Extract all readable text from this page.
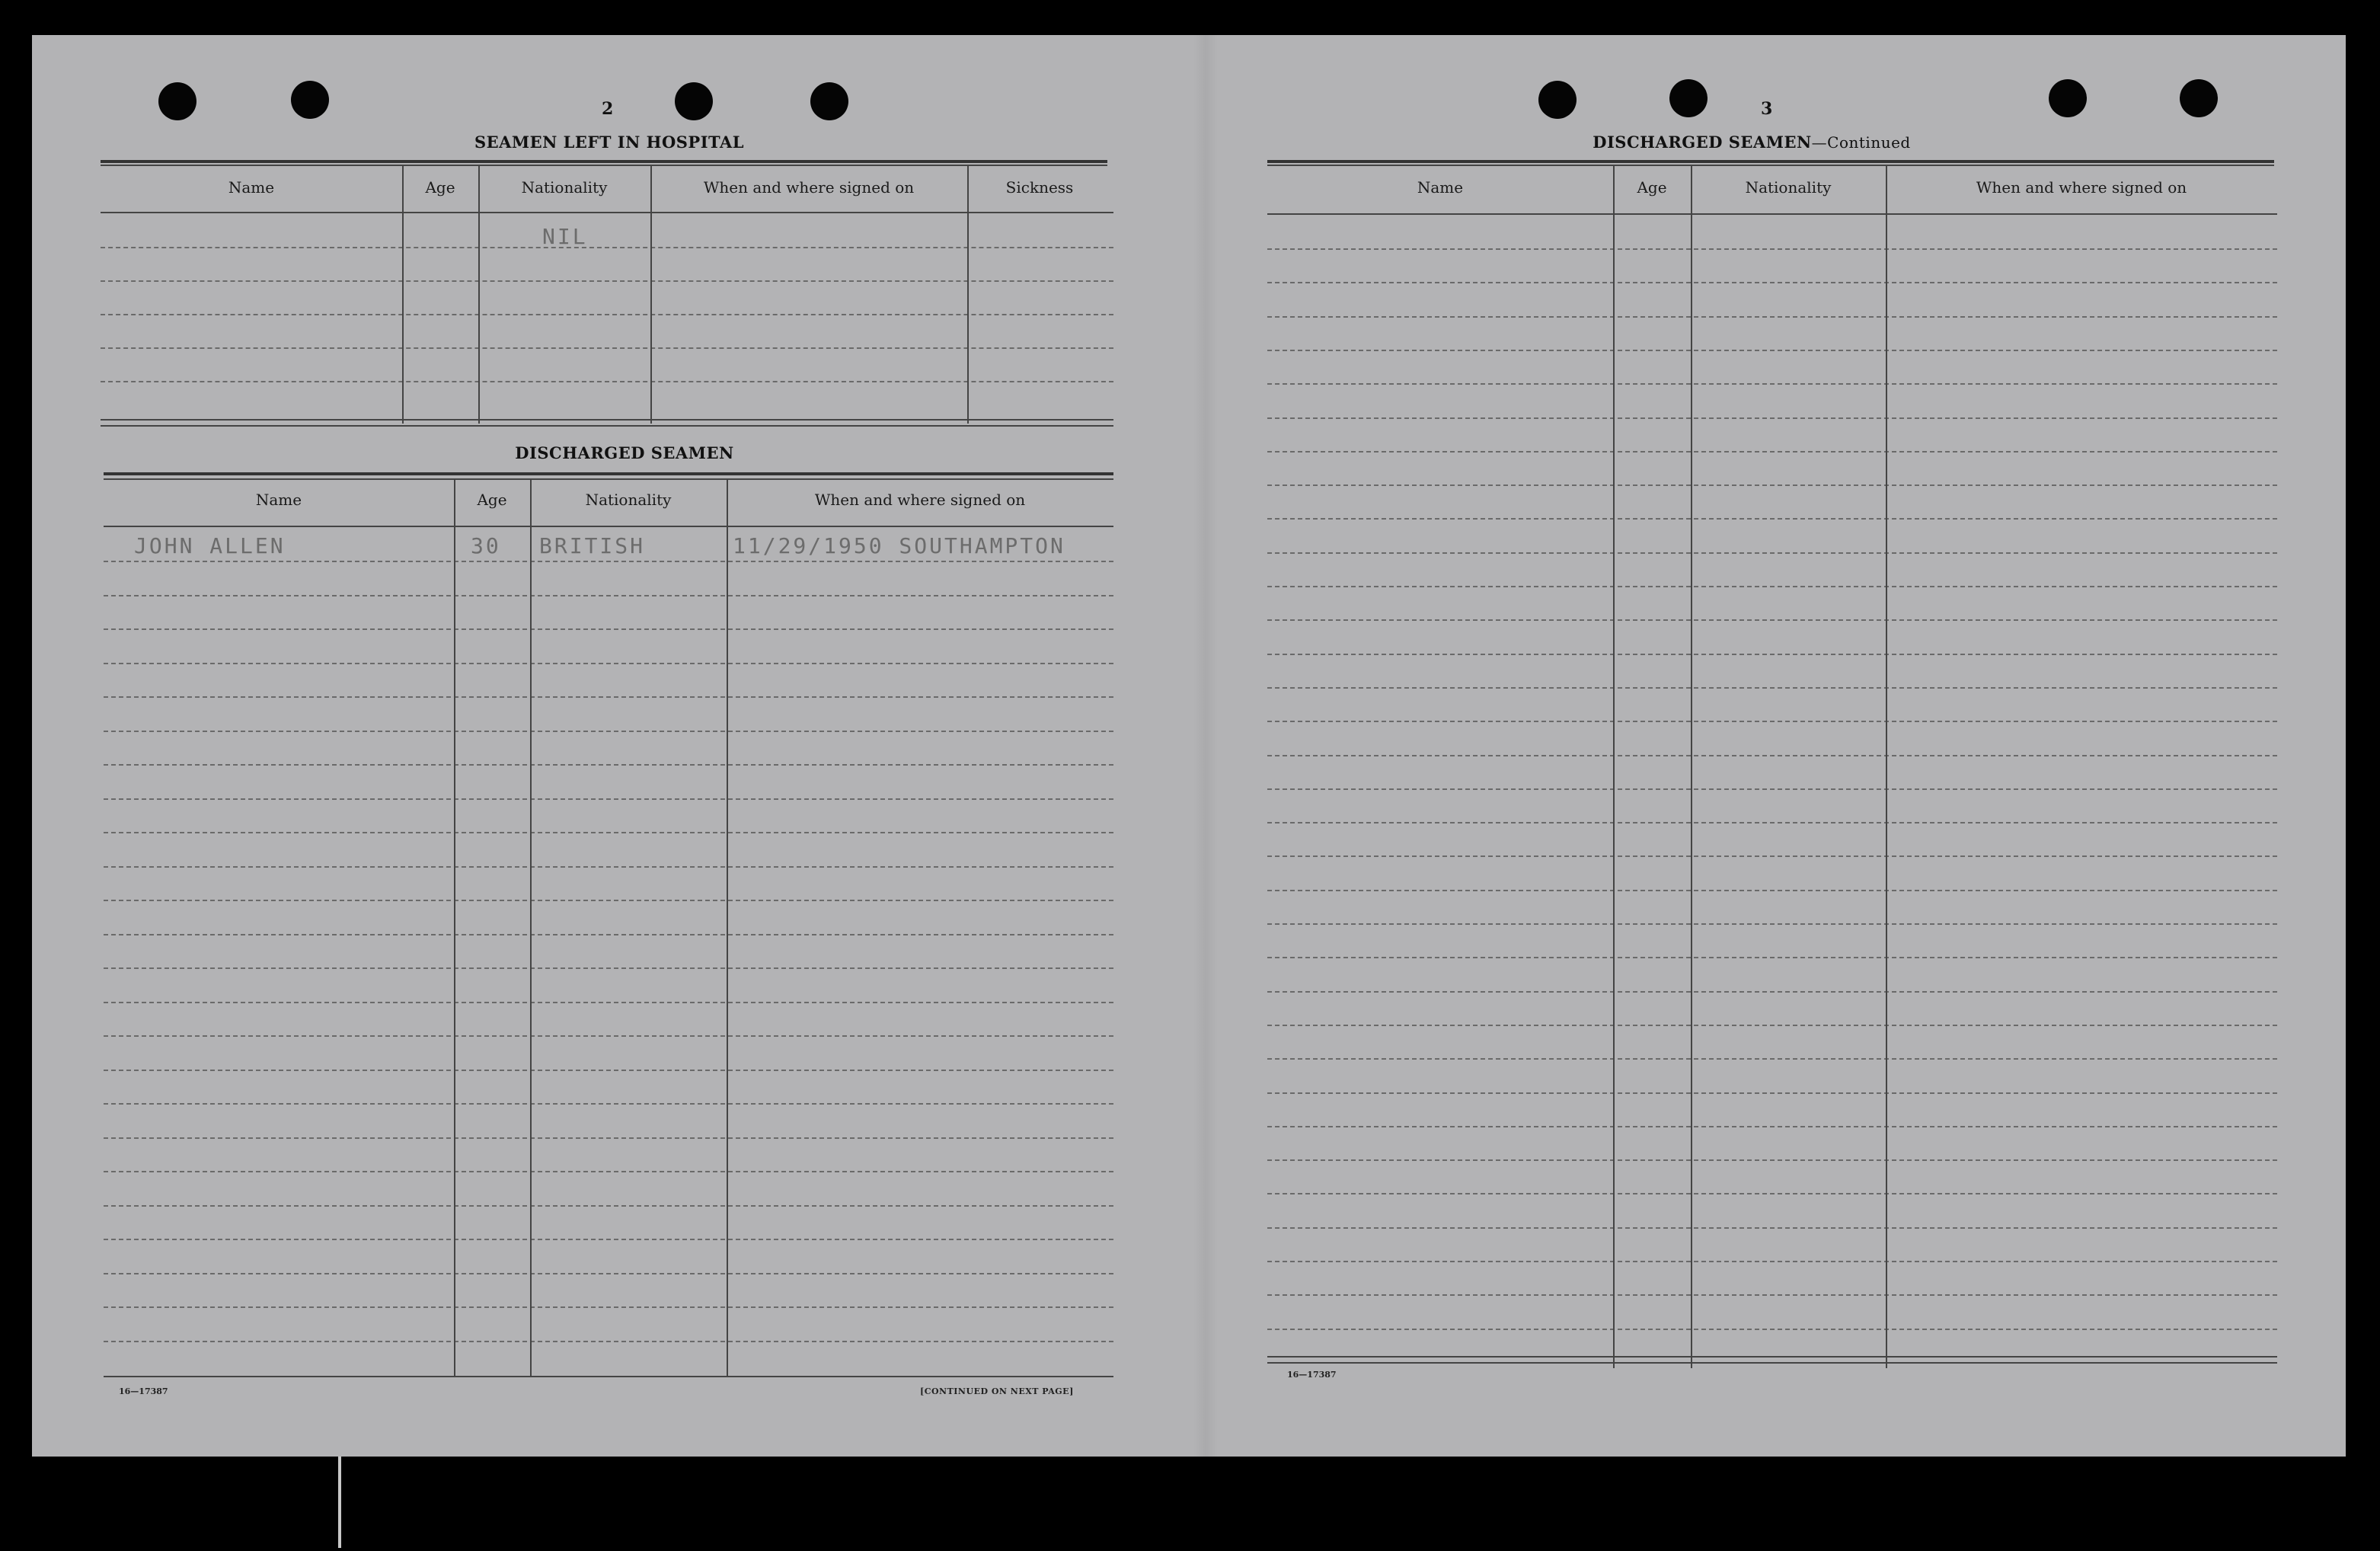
2
SEAMEN LEFT IN HOSPITAL
Name	Age	Nationality	When and where signed on	Sickness
NIL
DISCHARGED SEAMEN
Name	Age	Nationality	When and where signed on
JOHN ALLEN	30 BRITISH	11/29/1950 SOUTHAMPTON
16—17387	[CONTINUED ON NEXT PAGE]
3
DISCHARGED SEAMEN—Continued
Name	Age	Nationality	When and where signed on
16—17387
